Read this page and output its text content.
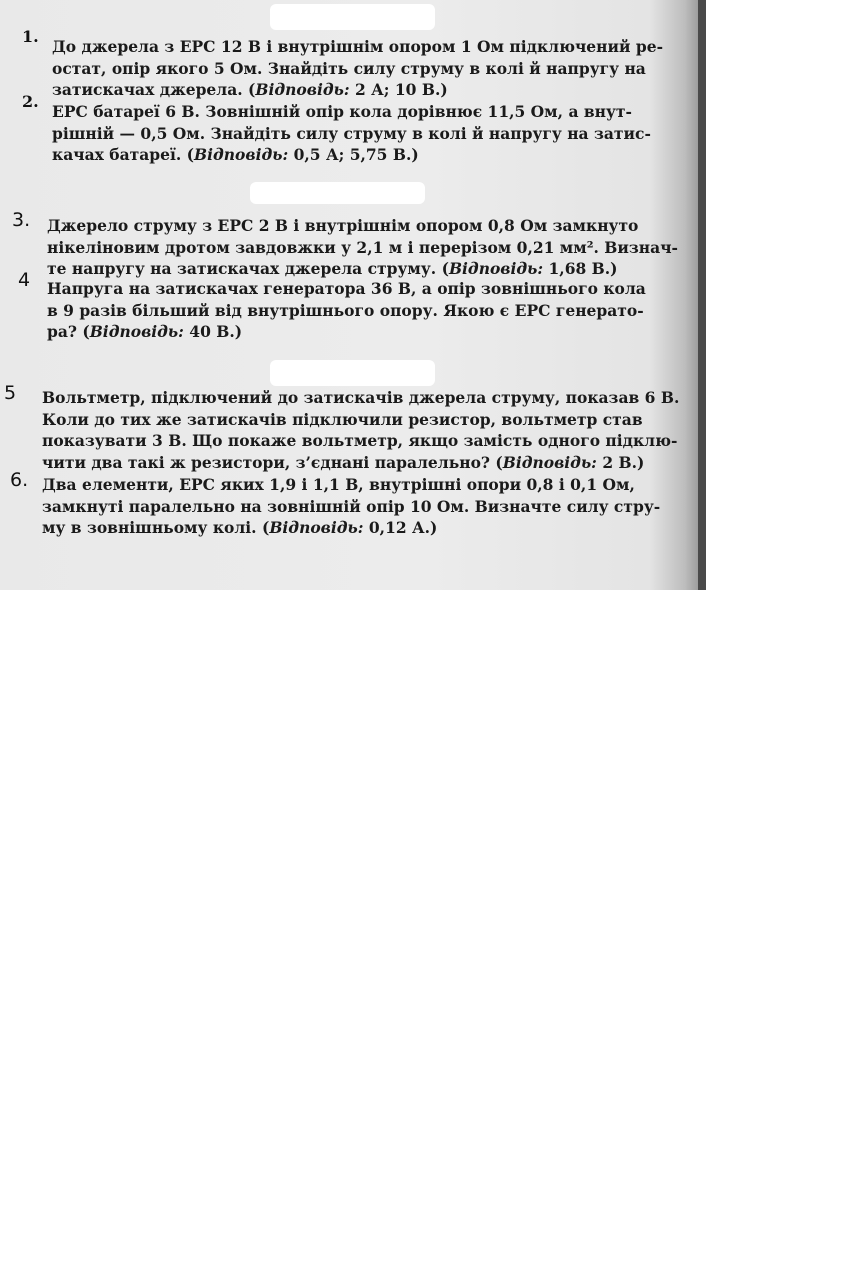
1.

До джерела з ЕРС 12 В і внутрішнім опором 1 Ом підключений ре-

остат, опір якого 5 Ом. Знайдіть силу струму в колі й напругу на

затискачах джерела. (Відповідь: 2 А; 10 В.)

2.

ЕРС батареї 6 В. Зовнішній опір кола дорівнює 11,5 Ом, а внут-

рішній — 0,5 Ом. Знайдіть силу струму в колі й напругу на затис-

качах батареї. (Відповідь: 0,5 А; 5,75 В.)

3. Джерело струму з ЕРС 2 В і внутрішнім опором 0,8 Ом замкнуто

нікеліновим дротом завдовжки у 2,1 м і перерізом 0,21 мм². Визнач-

те напругу на затискачах джерела струму. (Відповідь: 1,68 В.)

4 Напруга на затискачах генератора 36 В, а опір зовнішнього кола

в 9 разів більший від внутрішнього опору. Якою є ЕРС генерато-

ра? (Відповідь: 40 В.)

5 Вольтметр, підключений до затискачів джерела струму, показав 6 В.

Коли до тих же затискачів підключили резистор, вольтметр став

показувати 3 В. Що покаже вольтметр, якщо замість одного підклю-

чити два такі ж резистори, з’єднані паралельно? (Відповідь: 2 В.)

6. Два елементи, ЕРС яких 1,9 і 1,1 В, внутрішні опори 0,8 і 0,1 Ом,

замкнуті паралельно на зовнішній опір 10 Ом. Визначте силу стру-

му в зовнішньому колі. (Відповідь: 0,12 А.)
